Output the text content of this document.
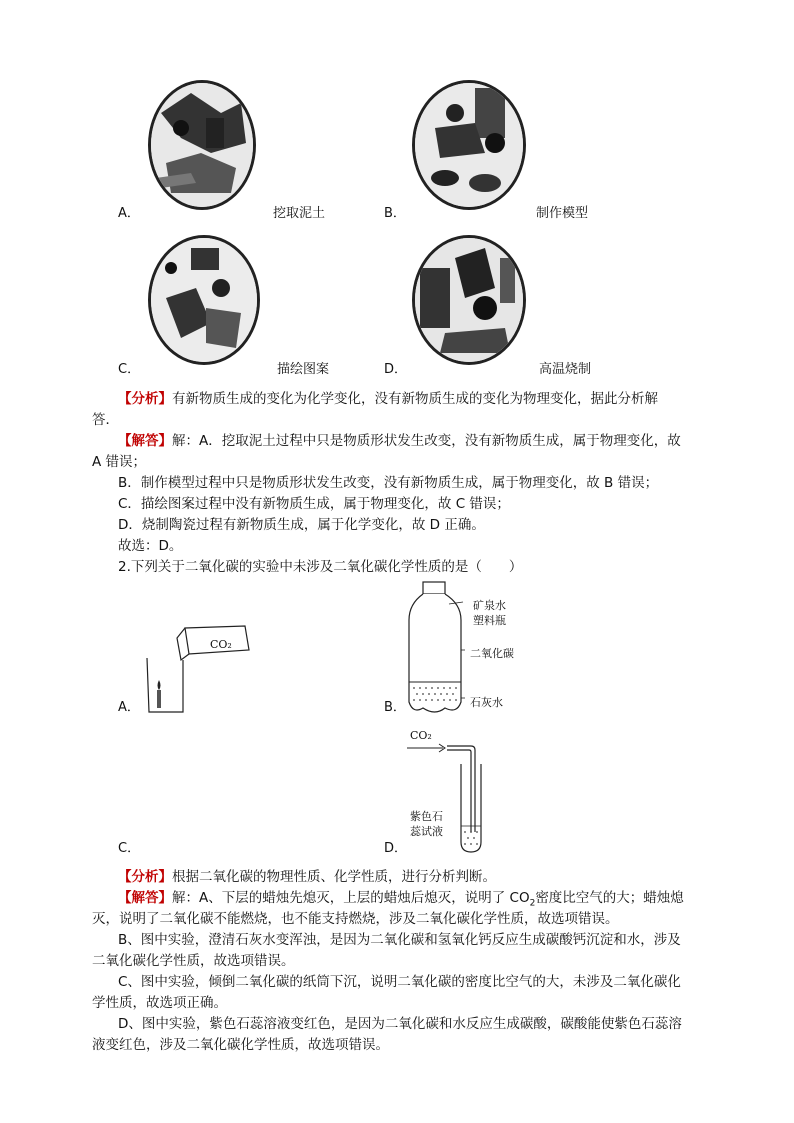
A．	挖取泥土	B．	制作模型
C．	描绘图案	D．	高温烧制
【分析】有新物质生成的变化为化学变化，没有新物质生成的变化为物理变化，据此分析解
答．
【解答】解：A．挖取泥土过程中只是物质形状发生改变，没有新物质生成，属于物理变化，故
A 错误；
B．制作模型过程中只是物质形状发生改变，没有新物质生成，属于物理变化，故 B 错误；
C．描绘图案过程中没有新物质生成，属于物理变化，故 C 错误；
D．烧制陶瓷过程有新物质生成，属于化学变化，故 D 正确。
故选：D。
2.下列关于二氧化碳的实验中未涉及二氧化碳化学性质的是（　　）
CO₂
A．
矿泉水
塑料瓶
二氧化碳
石灰水
B．
CO₂
紫色石
蕊试液
C．	D．
【分析】根据二氧化碳的物理性质、化学性质，进行分析判断。
【解答】解：A、下层的蜡烛先熄灭，上层的蜡烛后熄灭，说明了 $CO_2$密度比空气的大；蜡烛熄
灭，说明了二氧化碳不能燃烧，也不能支持燃烧，涉及二氧化碳化学性质，故选项错误。
B、图中实验，澄清石灰水变浑浊，是因为二氧化碳和氢氧化钙反应生成碳酸钙沉淀和水，涉及
二氧化碳化学性质，故选项错误。
C、图中实验，倾倒二氧化碳的纸筒下沉，说明二氧化碳的密度比空气的大，未涉及二氧化碳化
学性质，故选项正确。
D、图中实验，紫色石蕊溶液变红色，是因为二氧化碳和水反应生成碳酸，碳酸能使紫色石蕊溶
液变红色，涉及二氧化碳化学性质，故选项错误。
